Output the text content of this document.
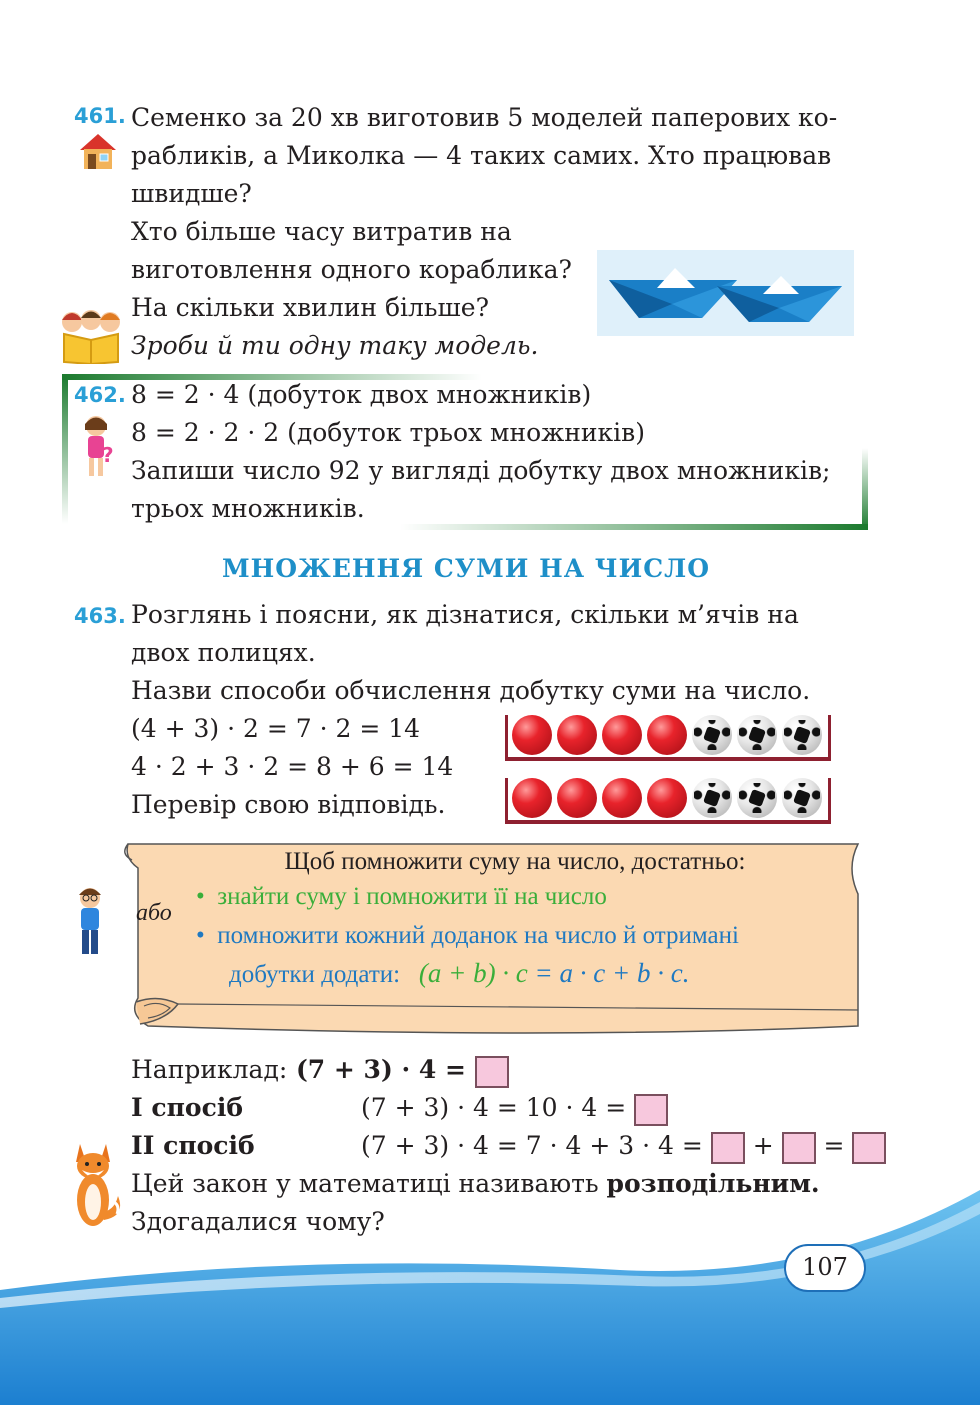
461. Семенко за 20 хв виготовив 5 моделей паперових ко-
рабликів, а Миколка — 4 таких самих. Хто працював
швидше?
Хто більше часу витратив на
виготовлення одного кораблика?
На скільки хвилин більше?
Зроби й ти одну таку модель.
462.
?
8 = 2 · 4 (добуток двох множників)
8 = 2 · 2 · 2 (добуток трьох множників)
Запиши число 92 у вигляді добутку двох множників;
трьох множників.
МНОЖЕННЯ СУМИ НА ЧИСЛО
463. Розглянь і поясни, як дізнатися, скільки м’ячів на
двох полицях.
Назви способи обчислення добутку суми на число.
(4 + 3) · 2 = 7 · 2 = 14
4 · 2 + 3 · 2 = 8 + 6 = 14
Перевір свою відповідь.
Щоб помножити суму на число, достатньо:
або
•  знайти суму і помножити її на число
•  помножити кожний доданок на число й отримані
добутки додати: (a + b) · c = a · c + b · c.
Наприклад: (7 + 3) · 4 =
I спосіб	(7 + 3) · 4 = 10 · 4 =
II спосіб	(7 + 3) · 4 = 7 · 4 + 3 · 4 =  + =
Цей закон у математиці називають розподільним.
Здогадалися чому?
107
